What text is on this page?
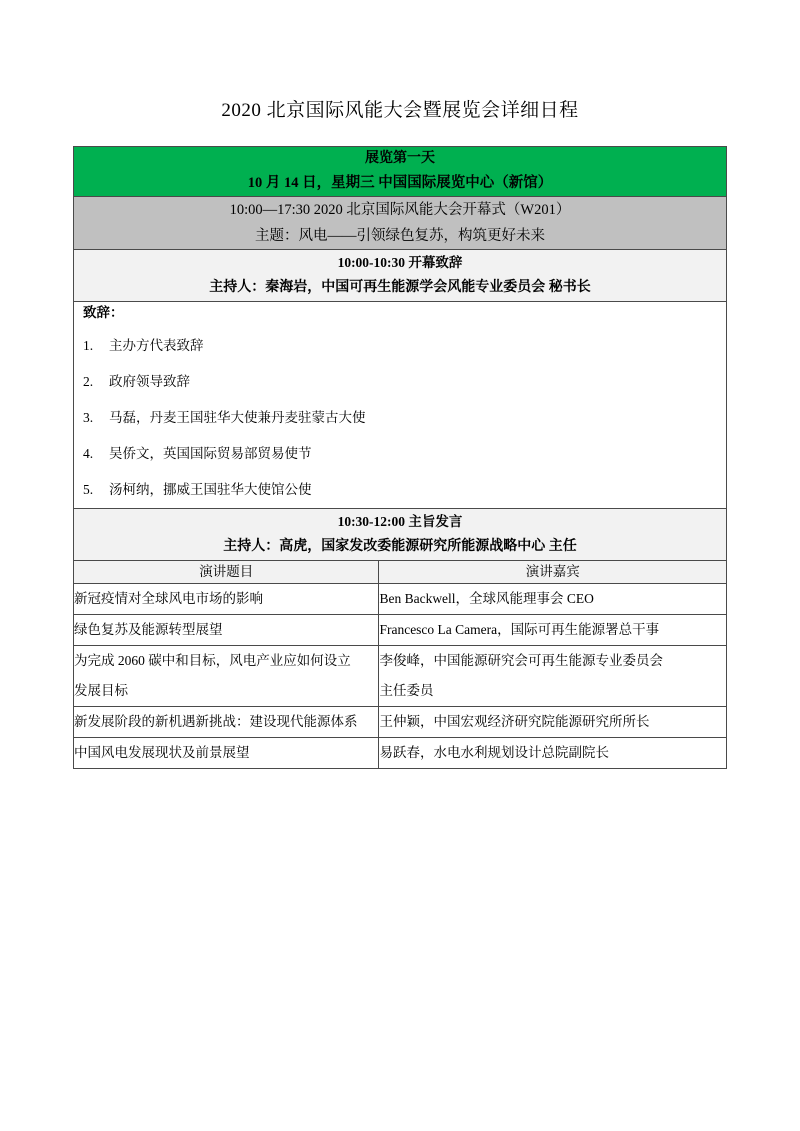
2020 北京国际风能大会暨展览会详细日程
展览第一天
10 月 14 日，星期三 中国国际展览中心（新馆）	

10:00—17:30 2020 北京国际风能大会开幕式（W201）
主题：风电——引领绿色复苏，构筑更好未来	

10:00-10:30 开幕致辞
主持人：秦海岩，中国可再生能源学会风能专业委员会 秘书长	

致辞：
1. 主办方代表致辞
2. 政府领导致辞
3. 马磊，丹麦王国驻华大使兼丹麦驻蒙古大使
4. 吴侨文，英国国际贸易部贸易使节
5. 汤柯纳，挪威王国驻华大使馆公使

10:30-12:00 主旨发言
主持人：高虎，国家发改委能源研究所能源战略中心 主任	

演讲题目	演讲嘉宾

新冠疫情对全球风电市场的影响	Ben Backwell，全球风能理事会 CEO

绿色复苏及能源转型展望	Francesco La Camera，国际可再生能源署总干事

为完成 2060 碳中和目标，风电产业应如何设立
发展目标	李俊峰，中国能源研究会可再生能源专业委员会
主任委员

新发展阶段的新机遇新挑战：建设现代能源体系	王仲颖，中国宏观经济研究院能源研究所所长

中国风电发展现状及前景展望	易跃春，水电水利规划设计总院副院长
